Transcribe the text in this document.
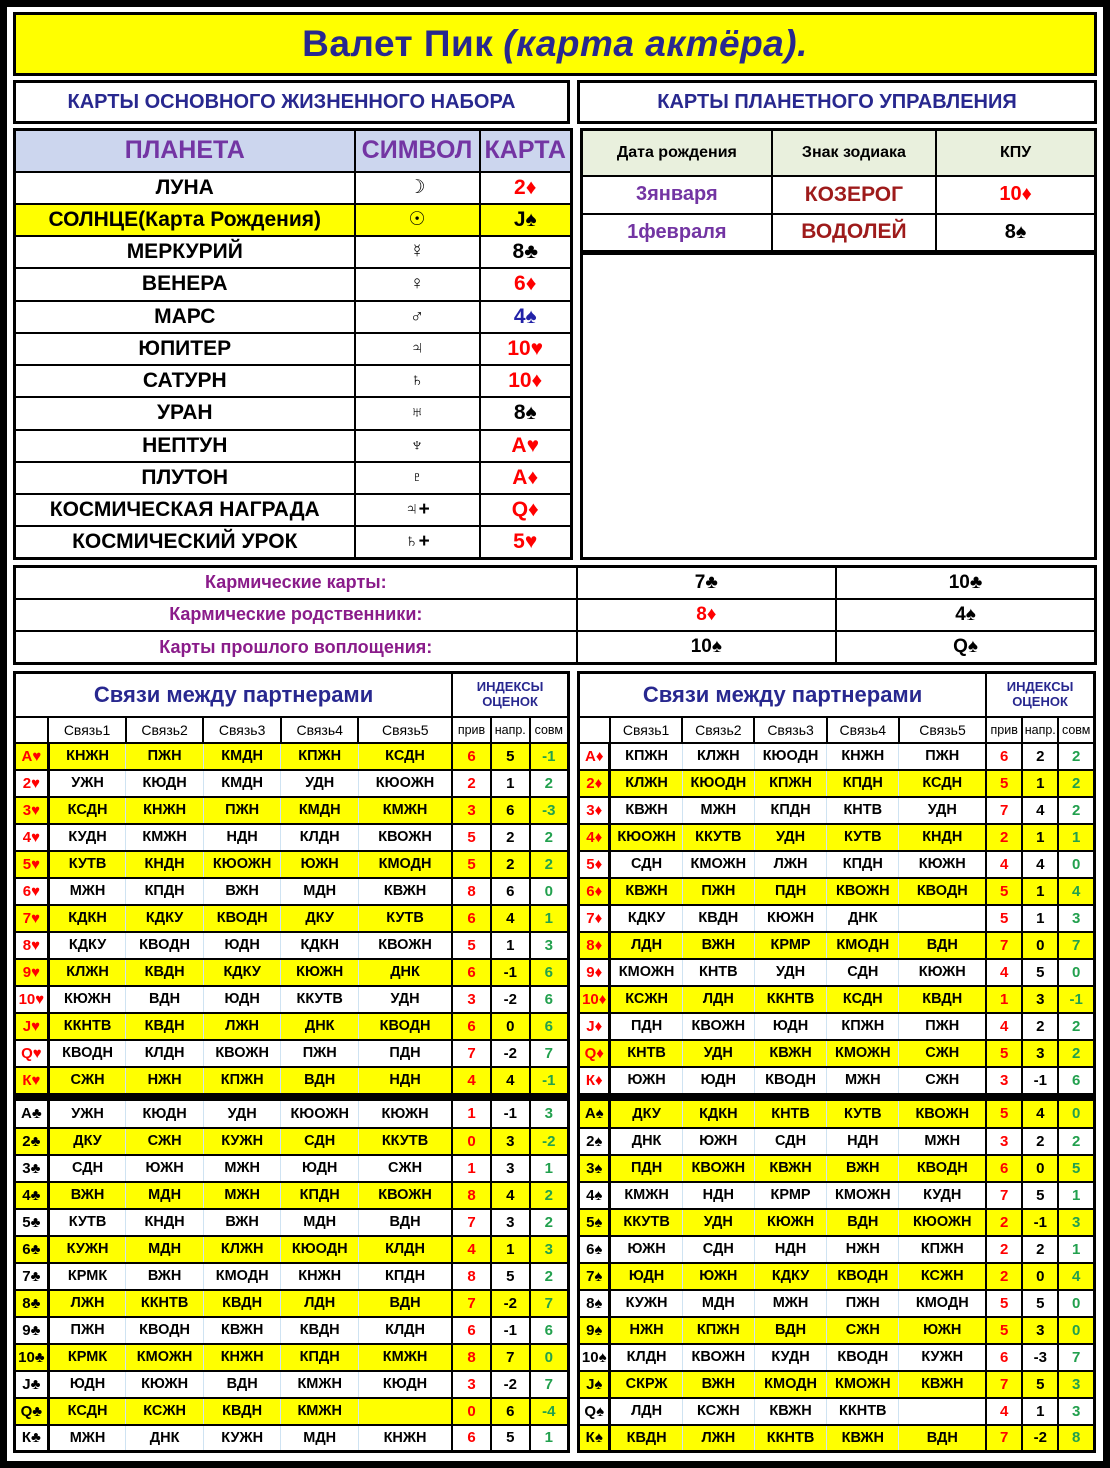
Валет Пик (карта актёра).
КАРТЫ ОСНОВНОГО ЖИЗНЕННОГО НАБОРА	КАРТЫ ПЛАНЕТНОГО УПРАВЛЕНИЯ
ПЛАНЕТА	СИМВОЛ	КАРТА
ЛУНА	☽	2♦
СОЛНЦЕ(Карта Рождения)	☉	J♠
МЕРКУРИЙ	☿	8♣
ВЕНЕРА	♀	6♦
МАРС	♂	4♠
ЮПИТЕР	♃	10♥
САТУРН	♄	10♦
УРАН	♅	8♠
НЕПТУН	♆	A♥
ПЛУТОН	♇	A♦
КОСМИЧЕСКАЯ НАГРАДА	♃+	Q♦
КОСМИЧЕСКИЙ УРОК	♄+	5♥
Дата рождения	Знак зодиака	КПУ
3января	КОЗЕРОГ	10♦
1февраля	ВОДОЛЕЙ	8♠
Кармические карты:	7♣	10♣
Кармические родственники:	8♦	4♠
Карты прошлого воплощения:	10♠	Q♠
Связи между партнерами						ИНДЕКСЫ ОЦЕНОК		
	Связь1	Связь2	Связь3	Связь4	Связь5	прив	напр.	совм
А♥	КНЖН	ПЖН	КМДН	КПЖН	КСДН	6	5	-1
2♥	УЖН	КЮДН	КМДН	УДН	КЮОЖН	2	1	2
3♥	КСДН	КНЖН	ПЖН	КМДН	КМЖН	3	6	-3
4♥	КУДН	КМЖН	НДН	КЛДН	КВОЖН	5	2	2
5♥	КУТВ	КНДН	КЮОЖН	ЮЖН	КМОДН	5	2	2
6♥	МЖН	КПДН	ВЖН	МДН	КВЖН	8	6	0
7♥	КДКН	КДКУ	КВОДН	ДКУ	КУТВ	6	4	1
8♥	КДКУ	КВОДН	ЮДН	КДКН	КВОЖН	5	1	3
9♥	КЛЖН	КВДН	КДКУ	КЮЖН	ДНК	6	-1	6
10♥	КЮЖН	ВДН	ЮДН	ККУТВ	УДН	3	-2	6
J♥	ККНТВ	КВДН	ЛЖН	ДНК	КВОДН	6	0	6
Q♥	КВОДН	КЛДН	КВОЖН	ПЖН	ПДН	7	-2	7
К♥	СЖН	НЖН	КПЖН	ВДН	НДН	4	4	-1

А♣	УЖН	КЮДН	УДН	КЮОЖН	КЮЖН	1	-1	3
2♣	ДКУ	СЖН	КУЖН	СДН	ККУТВ	0	3	-2
3♣	СДН	ЮЖН	МЖН	ЮДН	СЖН	1	3	1
4♣	ВЖН	МДН	МЖН	КПДН	КВОЖН	8	4	2
5♣	КУТВ	КНДН	ВЖН	МДН	ВДН	7	3	2
6♣	КУЖН	МДН	КЛЖН	КЮОДН	КЛДН	4	1	3
7♣	КРМК	ВЖН	КМОДН	КНЖН	КПДН	8	5	2
8♣	ЛЖН	ККНТВ	КВДН	ЛДН	ВДН	7	-2	7
9♣	ПЖН	КВОДН	КВЖН	КВДН	КЛДН	6	-1	6
10♣	КРМК	КМОЖН	КНЖН	КПДН	КМЖН	8	7	0
J♣	ЮДН	КЮЖН	ВДН	КМЖН	КЮДН	3	-2	7
Q♣	КСДН	КСЖН	КВДН	КМЖН		0	6	-4
К♣	МЖН	ДНК	КУЖН	МДН	КНЖН	6	5	1
Связи между партнерами						ИНДЕКСЫ ОЦЕНОК		
	Связь1	Связь2	Связь3	Связь4	Связь5	прив	напр.	совм
А♦	КПЖН	КЛЖН	КЮОДН	КНЖН	ПЖН	6	2	2
2♦	КЛЖН	КЮОДН	КПЖН	КПДН	КСДН	5	1	2
3♦	КВЖН	МЖН	КПДН	КНТВ	УДН	7	4	2
4♦	КЮОЖН	ККУТВ	УДН	КУТВ	КНДН	2	1	1
5♦	СДН	КМОЖН	ЛЖН	КПДН	КЮЖН	4	4	0
6♦	КВЖН	ПЖН	ПДН	КВОЖН	КВОДН	5	1	4
7♦	КДКУ	КВДН	КЮЖН	ДНК		5	1	3
8♦	ЛДН	ВЖН	КРМР	КМОДН	ВДН	7	0	7
9♦	КМОЖН	КНТВ	УДН	СДН	КЮЖН	4	5	0
10♦	КСЖН	ЛДН	ККНТВ	КСДН	КВДН	1	3	-1
J♦	ПДН	КВОЖН	ЮДН	КПЖН	ПЖН	4	2	2
Q♦	КНТВ	УДН	КВЖН	КМОЖН	СЖН	5	3	2
К♦	ЮЖН	ЮДН	КВОДН	МЖН	СЖН	3	-1	6

А♠	ДКУ	КДКН	КНТВ	КУТВ	КВОЖН	5	4	0
2♠	ДНК	ЮЖН	СДН	НДН	МЖН	3	2	2
3♠	ПДН	КВОЖН	КВЖН	ВЖН	КВОДН	6	0	5
4♠	КМЖН	НДН	КРМР	КМОЖН	КУДН	7	5	1
5♠	ККУТВ	УДН	КЮЖН	ВДН	КЮОЖН	2	-1	3
6♠	ЮЖН	СДН	НДН	НЖН	КПЖН	2	2	1
7♠	ЮДН	ЮЖН	КДКУ	КВОДН	КСЖН	2	0	4
8♠	КУЖН	МДН	МЖН	ПЖН	КМОДН	5	5	0
9♠	НЖН	КПЖН	ВДН	СЖН	ЮЖН	5	3	0
10♠	КЛДН	КВОЖН	КУДН	КВОДН	КУЖН	6	-3	7
J♠	СКРЖ	ВЖН	КМОДН	КМОЖН	КВЖН	7	5	3
Q♠	ЛДН	КСЖН	КВЖН	ККНТВ		4	1	3
К♠	КВДН	ЛЖН	ККНТВ	КВЖН	ВДН	7	-2	8
